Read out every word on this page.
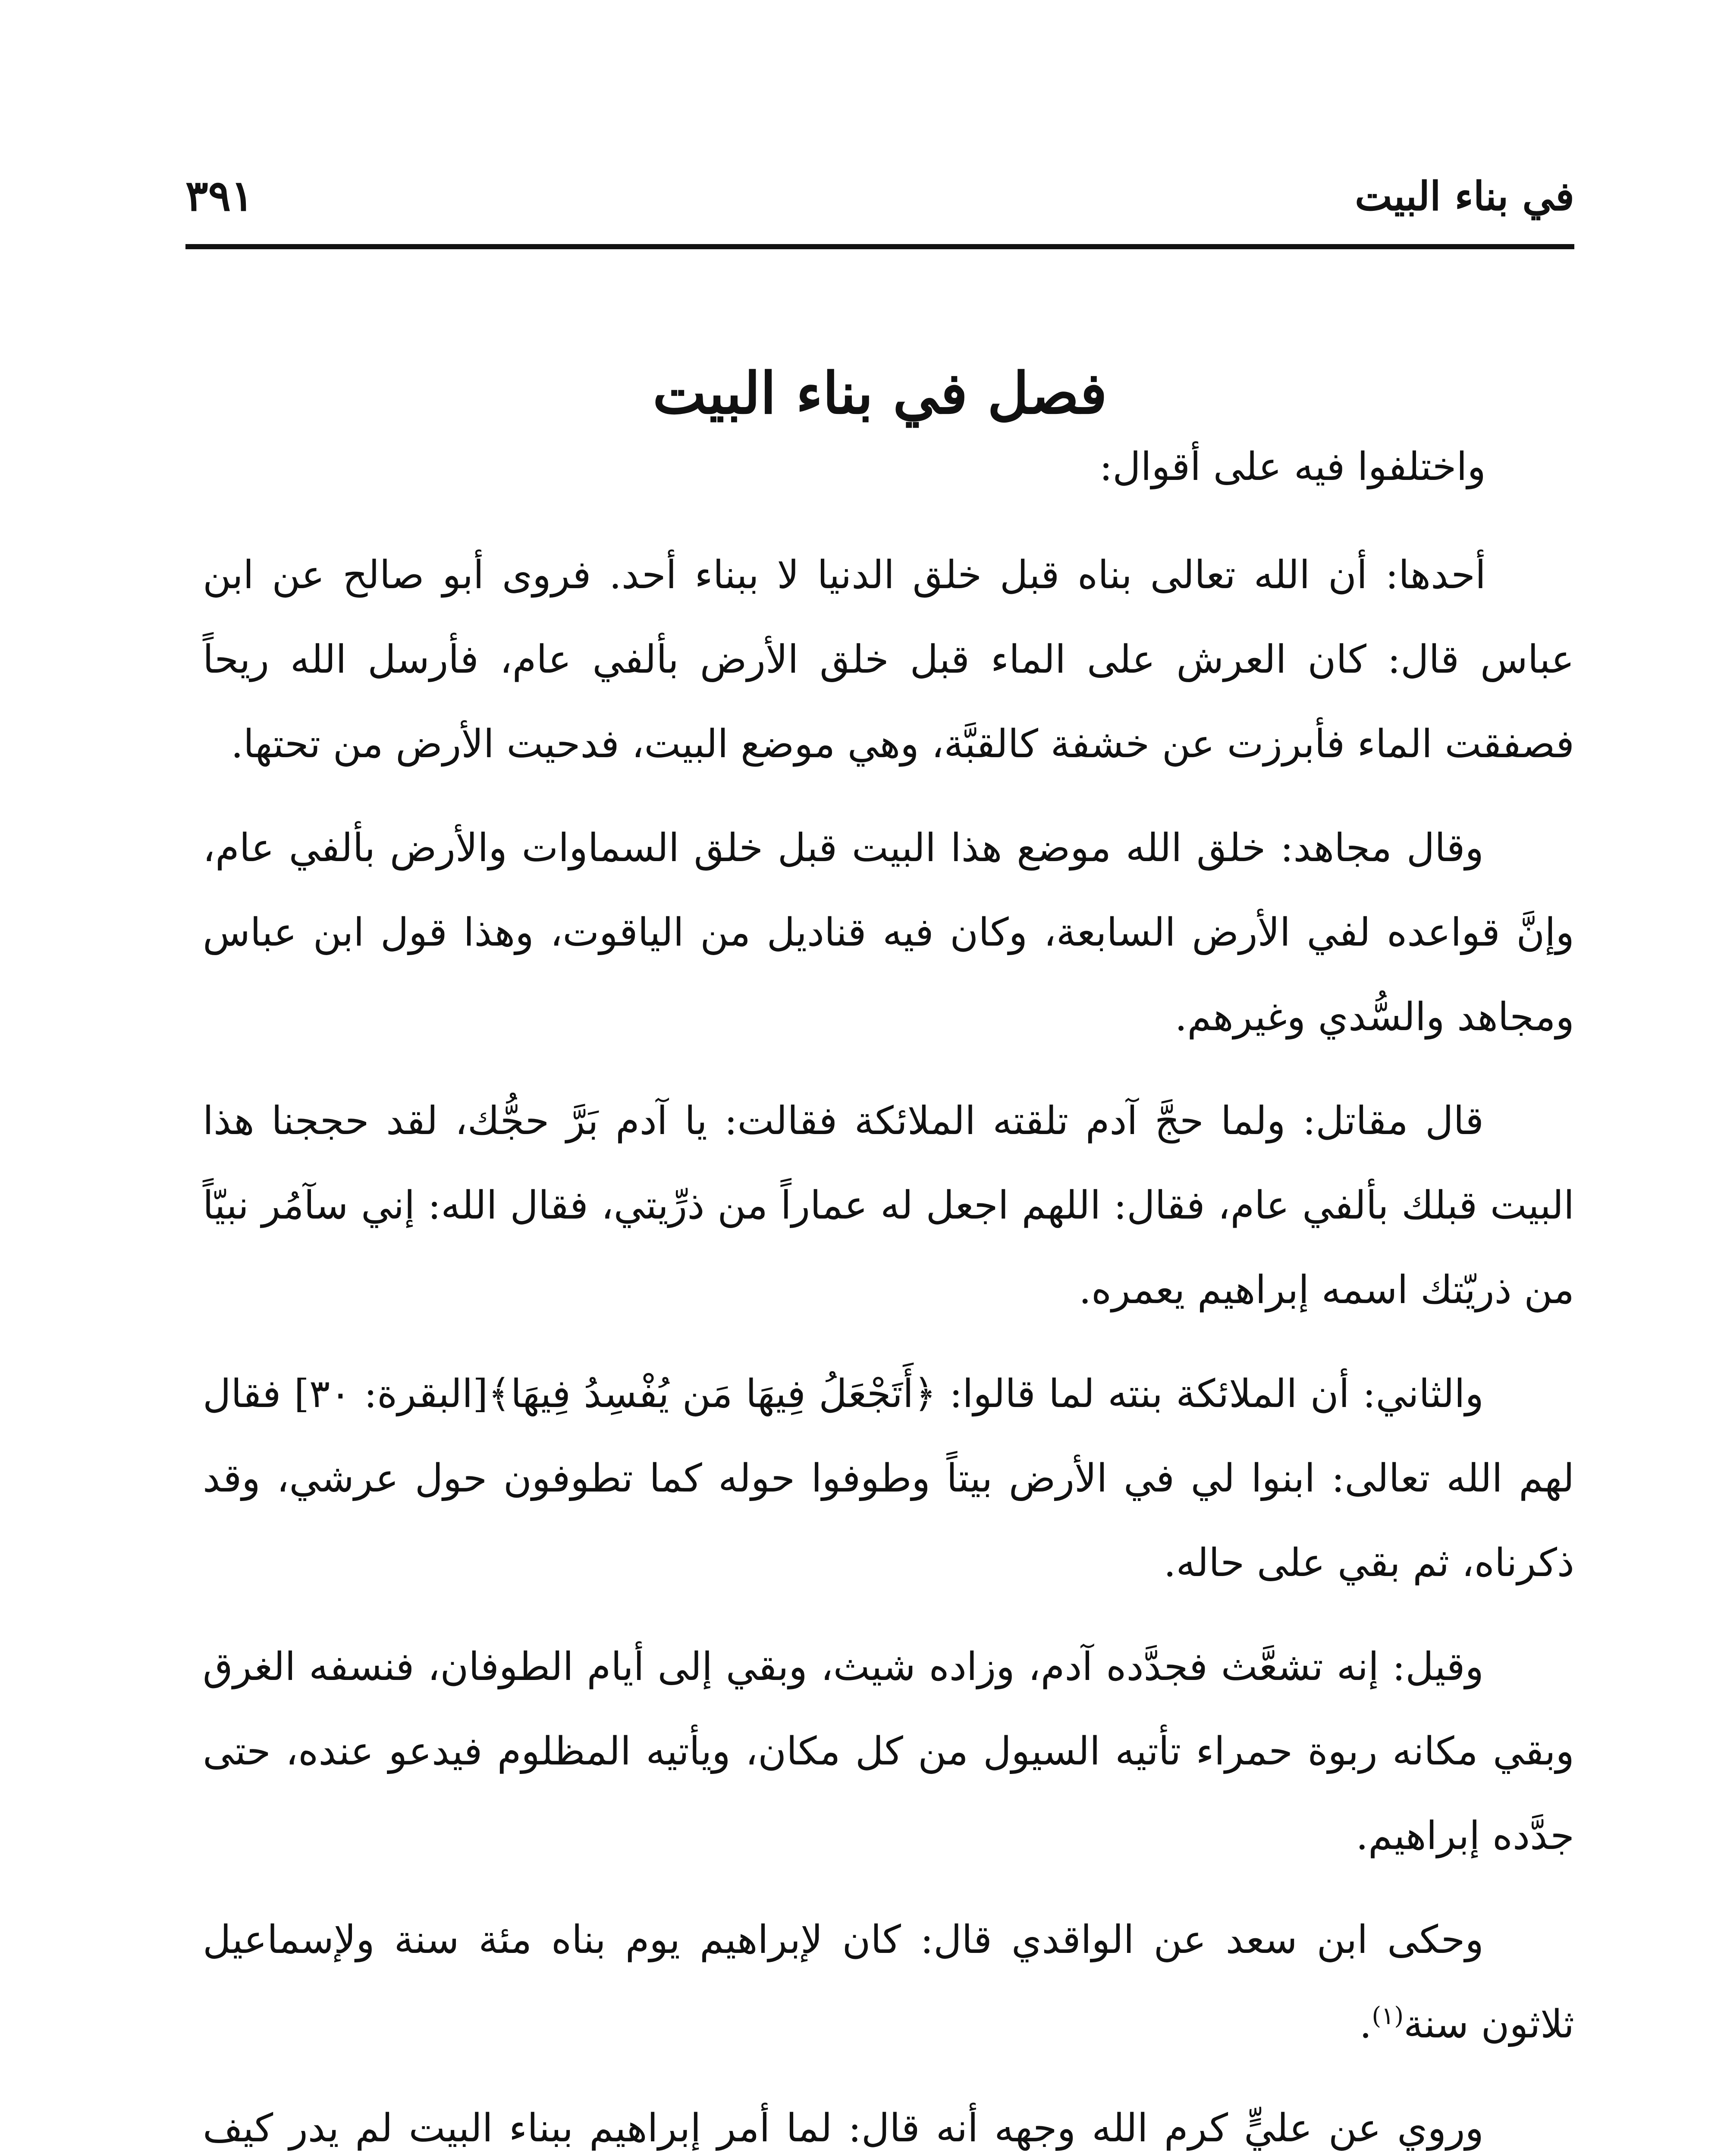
في بناء البيت
٣٩١
فصل في بناء البيت

واختلفوا فيه على أقوال:

أحدها: أن الله تعالى بناه قبل خلق الدنيا لا ببناء أحد. فروى أبو صالح عن ابن عباس قال: كان العرش على الماء قبل خلق الأرض بألفي عام، فأرسل الله ريحاً فصفقت الماء فأبرزت عن خشفة كالقبَّة، وهي موضع البيت، فدحيت الأرض من تحتها.

وقال مجاهد: خلق الله موضع هذا البيت قبل خلق السماوات والأرض بألفي عام، وإنَّ قواعده لفي الأرض السابعة، وكان فيه قناديل من الياقوت، وهذا قول ابن عباس ومجاهد والسُّدي وغيرهم.

قال مقاتل: ولما حجَّ آدم تلقته الملائكة فقالت: يا آدم بَرَّ حجُّك، لقد حججنا هذا البيت قبلك بألفي عام، فقال: اللهم اجعل له عماراً من ذرِّيتي، فقال الله: إني سآمُر نبيّاً من ذريّتك اسمه إبراهيم يعمره.

والثاني: أن الملائكة بنته لما قالوا: ﴿أَتَجْعَلُ فِيهَا مَن يُفْسِدُ فِيهَا﴾[البقرة: ٣٠] فقال لهم الله تعالى: ابنوا لي في الأرض بيتاً وطوفوا حوله كما تطوفون حول عرشي، وقد ذكرناه، ثم بقي على حاله.

وقيل: إنه تشعَّث فجدَّده آدم، وزاده شيث، وبقي إلى أيام الطوفان، فنسفه الغرق وبقي مكانه ربوة حمراء تأتيه السيول من كل مكان، ويأتيه المظلوم فيدعو عنده، حتى جدَّده إبراهيم.

وحكى ابن سعد عن الواقدي قال: كان لإبراهيم يوم بناه مئة سنة ولإسماعيل ثلاثون سنة$^{(١)}$.

وروي عن عليٍّ كرم الله وجهه أنه قال: لما أمر إبراهيم ببناء البيت لم يدر كيف
